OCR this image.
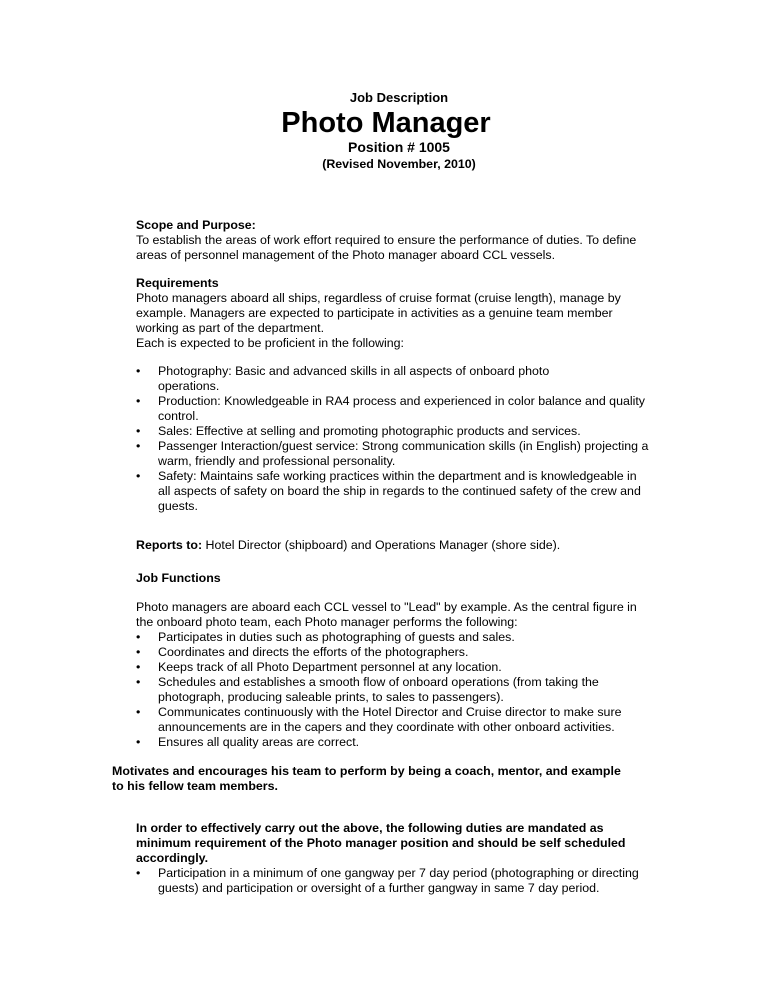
Job Description
Photo Manager
Position # 1005
(Revised November, 2010)

Scope and Purpose:

To establish the areas of work effort required to ensure the performance of duties. To define

areas of personnel management of the Photo manager aboard CCL vessels.

Requirements

Photo managers aboard all ships, regardless of cruise format (cruise length), manage by

example. Managers are expected to participate in activities as a genuine team member

working as part of the department.

Each is expected to be proficient in the following:

• Photography: Basic and advanced skills in all aspects of onboard photo

operations.

• Production: Knowledgeable in RA4 process and experienced in color balance and quality

control.

• Sales: Effective at selling and promoting photographic products and services.

• Passenger Interaction/guest service: Strong communication skills (in English) projecting a

warm, friendly and professional personality.

• Safety: Maintains safe working practices within the department and is knowledgeable in

all aspects of safety on board the ship in regards to the continued safety of the crew and

guests.

Reports to: Hotel Director (shipboard) and Operations Manager (shore side).

Job Functions

Photo managers are aboard each CCL vessel to "Lead" by example. As the central figure in

the onboard photo team, each Photo manager performs the following:

• Participates in duties such as photographing of guests and sales.

• Coordinates and directs the efforts of the photographers.

• Keeps track of all Photo Department personnel at any location.

• Schedules and establishes a smooth flow of onboard operations (from taking the

photograph, producing saleable prints, to sales to passengers).

• Communicates continuously with the Hotel Director and Cruise director to make sure

announcements are in the capers and they coordinate with other onboard activities.

• Ensures all quality areas are correct.

Motivates and encourages his team to perform by being a coach, mentor, and example

to his fellow team members.

In order to effectively carry out the above, the following duties are mandated as

minimum requirement of the Photo manager position and should be self scheduled

accordingly.

• Participation in a minimum of one gangway per 7 day period (photographing or directing

guests) and participation or oversight of a further gangway in same 7 day period.
